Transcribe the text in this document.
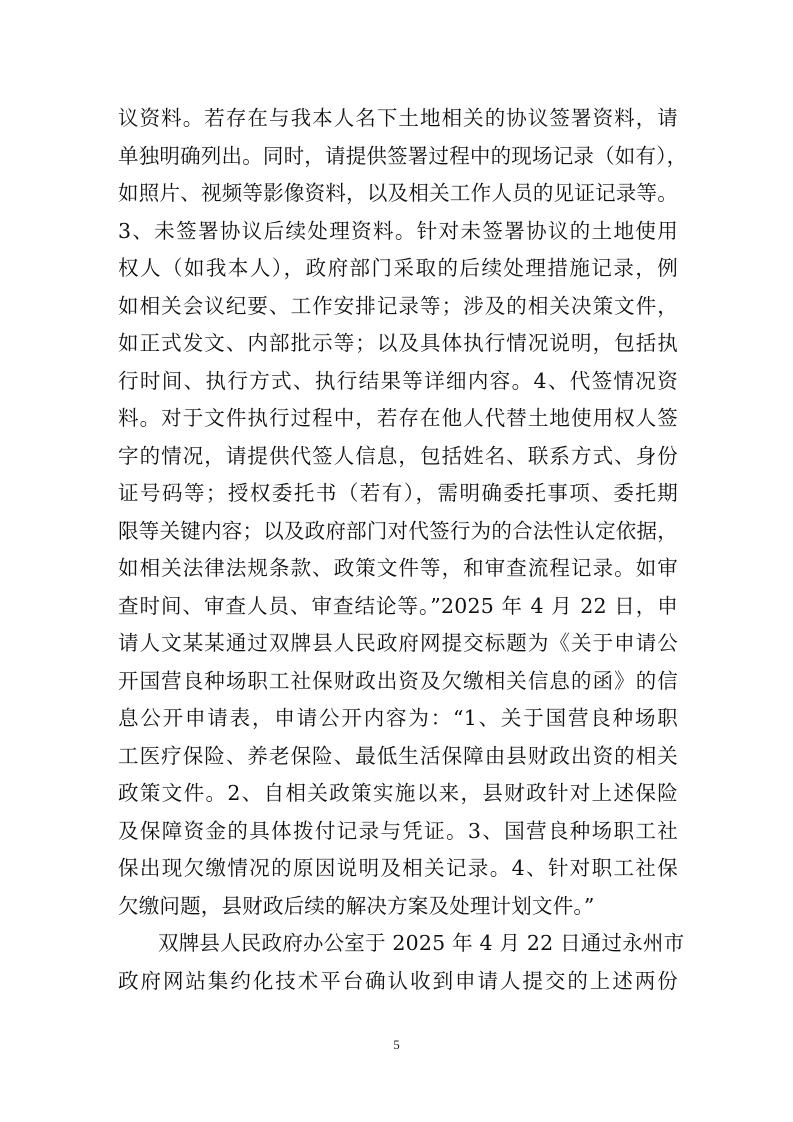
议资料。若存在与我本人名下土地相关的协议签署资料，请
单独明确列出。同时，请提供签署过程中的现场记录（如有），
如照片、视频等影像资料，以及相关工作人员的见证记录等。
3、未签署协议后续处理资料。针对未签署协议的土地使用
权人（如我本人），政府部门采取的后续处理措施记录，例
如相关会议纪要、工作安排记录等；涉及的相关决策文件，
如正式发文、内部批示等；以及具体执行情况说明，包括执
行时间、执行方式、执行结果等详细内容。4、代签情况资
料。对于文件执行过程中，若存在他人代替土地使用权人签
字的情况，请提供代签人信息，包括姓名、联系方式、身份
证号码等；授权委托书（若有），需明确委托事项、委托期
限等关键内容；以及政府部门对代签行为的合法性认定依据，
如相关法律法规条款、政策文件等，和审查流程记录。如审
查时间、审查人员、审查结论等。”2025 年 4 月 22 日，申
请人文某某通过双牌县人民政府网提交标题为《关于申请公
开国营良种场职工社保财政出资及欠缴相关信息的函》的信
息公开申请表，申请公开内容为：“1、关于国营良种场职
工医疗保险、养老保险、最低生活保障由县财政出资的相关
政策文件。2、自相关政策实施以来，县财政针对上述保险
及保障资金的具体拨付记录与凭证。3、国营良种场职工社
保出现欠缴情况的原因说明及相关记录。4、针对职工社保
欠缴问题，县财政后续的解决方案及处理计划文件。”
双牌县人民政府办公室于 2025 年 4 月 22 日通过永州市
政府网站集约化技术平台确认收到申请人提交的上述两份
5
